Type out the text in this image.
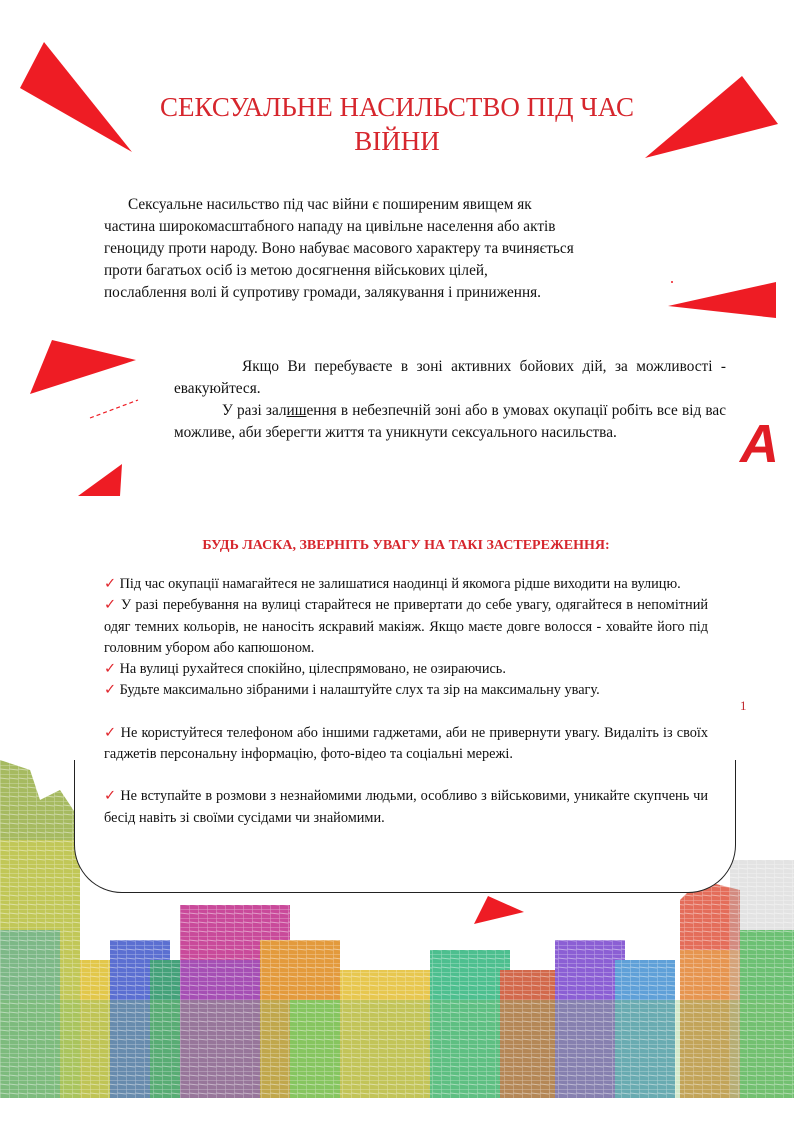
СЕКСУАЛЬНЕ НАСИЛЬСТВО ПІД ЧАС
ВІЙНИ

Сексуальне насильство під час війни є поширеним явищем як

частина широкомасштабного нападу на цивільне населення або актів

геноциду проти народу. Воно набуває масового характеру та вчиняється

проти багатьох осіб із метою досягнення військових цілей,

послаблення волі й супротиву громади, залякування і приниження.

Якщо Ви перебуваєте в зоні активних бойових дій, за можливості - евакуюйтеся.

У разі залишення в небезпечній зоні або в умовах окупації робіть все від вас можливе, аби зберегти життя та уникнути сексуального насильства.	А
1
БУДЬ ЛАСКА, ЗВЕРНІТЬ УВАГУ НА ТАКІ ЗАСТЕРЕЖЕННЯ:

✓ Під час окупації намагайтеся не залишатися наодинці й якомога рідше виходити на вулицю.

✓ У разі перебування на вулиці старайтеся не привертати до себе увагу, одягайтеся в непомітний одяг темних кольорів, не наносіть яскравий макіяж. Якщо маєте довге волосся - ховайте його під головним убором або капюшоном.

✓ На вулиці рухайтеся спокійно, цілеспрямовано, не озираючись.

✓ Будьте максимально зібраними і налаштуйте слух та зір на максимальну увагу.

✓ Не користуйтеся телефоном або іншими гаджетами, аби не привернути увагу. Видаліть із своїх гаджетів персональну інформацію, фото-відео та соціальні мережі.

✓ Не вступайте в розмови з незнайомими людьми, особливо з військовими, уникайте скупчень чи бесід навіть зі своїми сусідами чи знайомими.
